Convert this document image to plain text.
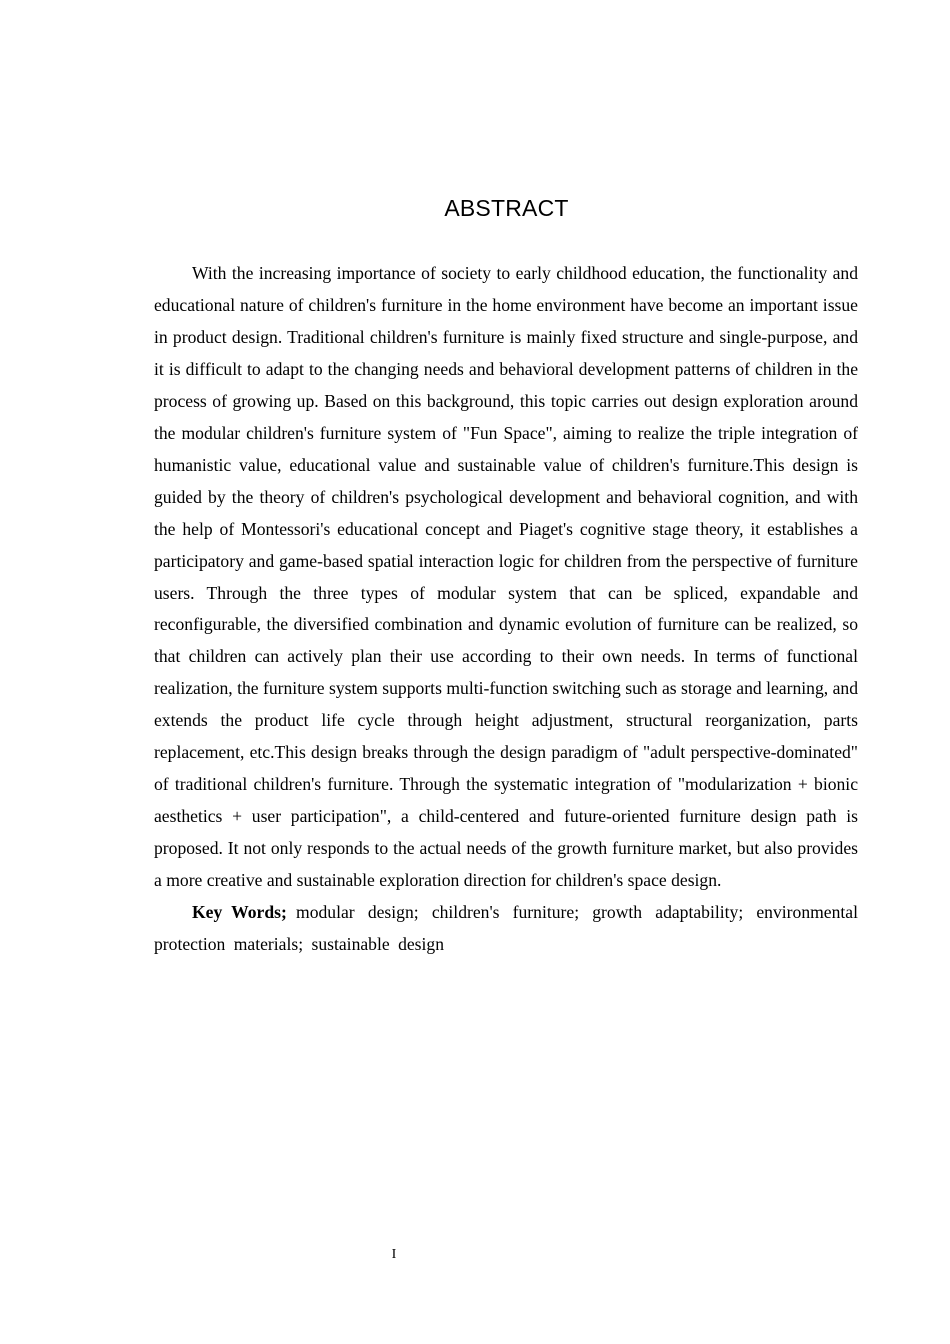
ABSTRACT

With the increasing importance of society to early childhood education, the functionality and educational nature of children's furniture in the home environment have become an important issue in product design. Traditional children's furniture is mainly fixed structure and single-purpose, and it is difficult to adapt to the changing needs and behavioral development patterns of children in the process of growing up. Based on this background, this topic carries out design exploration around the modular children's furniture system of "Fun Space", aiming to realize the triple integration of humanistic value, educational value and sustainable value of children's furniture.This design is guided by the theory of children's psychological development and behavioral cognition, and with the help of Montessori's educational concept and Piaget's cognitive stage theory, it establishes a participatory and game-based spatial interaction logic for children from the perspective of furniture users. Through the three types of modular system that can be spliced, expandable and reconfigurable, the diversified combination and dynamic evolution of furniture can be realized, so that children can actively plan their use according to their own needs. In terms of functional realization, the furniture system supports multi-function switching such as storage and learning, and extends the product life cycle through height adjustment, structural reorganization, parts replacement, etc.This design breaks through the design paradigm of "adult perspective-dominated" of traditional children's furniture. Through the systematic integration of "modularization + bionic aesthetics + user participation", a child-centered and future-oriented furniture design path is proposed. It not only responds to the actual needs of the growth furniture market, but also provides a more creative and sustainable exploration direction for children's space design.

Key Words; modular design; children's furniture; growth adaptability; environmental protection materials; sustainable design

I
